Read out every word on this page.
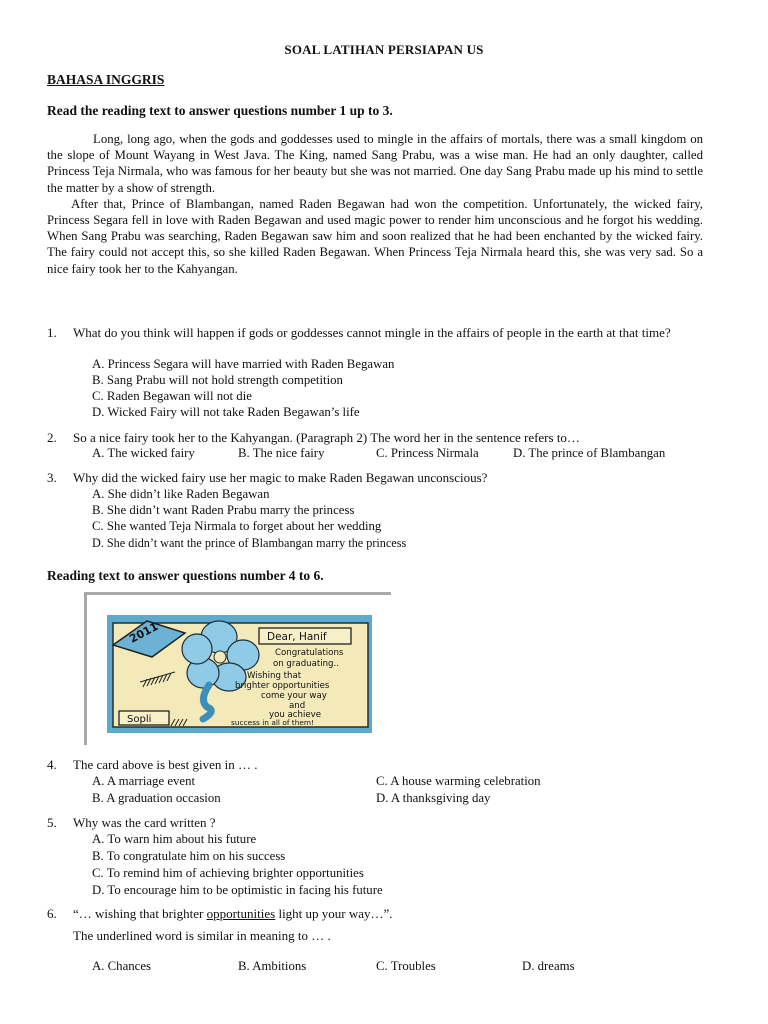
SOAL LATIHAN PERSIAPAN US
BAHASA INGGRIS
Read the reading text to answer questions number 1 up to 3.

Long, long ago, when the gods and goddesses used to mingle in the affairs of mortals, there was a small kingdom on the slope of Mount Wayang in West Java. The King, named Sang Prabu, was a wise man. He had an only daughter, called Princess Teja Nirmala, who was famous for her beauty but she was not married. One day Sang Prabu made up his mind to settle the matter by a show of strength.

After that, Prince of Blambangan, named Raden Begawan had won the competition. Unfortunately, the wicked fairy, Princess Segara fell in love with Raden Begawan and used magic power to render him unconscious and he forgot his wedding. When Sang Prabu was searching, Raden Begawan saw him and soon realized that he had been enchanted by the wicked fairy. The fairy could not accept this, so she killed Raden Begawan. When Princess Teja Nirmala heard this, she was very sad. So a nice fairy took her to the Kahyangan.

1. What do you think will happen if gods or goddesses cannot mingle in the affairs of people in the earth at that time?
A. Princess Segara will have married with Raden Begawan
B. Sang Prabu will not hold strength competition
C. Raden Begawan will not die
D. Wicked Fairy will not take Raden Begawan’s life
2. So a nice fairy took her to the Kahyangan. (Paragraph 2) The word her in the sentence refers to…
A. The wicked fairy	B. The nice fairy	C. Princess Nirmala	D. The prince of Blambangan
3. Why did the wicked fairy use her magic to make Raden Begawan unconscious?
A. She didn’t like Raden Begawan
B. She didn’t want Raden Prabu marry the princess
C. She wanted Teja Nirmala to forget about her wedding
D. She didn’t want the prince of Blambangan marry the princess
Reading text to answer questions number 4 to 6.
2011	Dear, Hanif
Congratulations
on graduating..
Wishing that
brighter opportunities
come your way
and
you achieve
success in all of them!
Sopli
4. The card above is best given in … .
A. A marriage event	C. A house warming celebration
B. A graduation occasion	D. A thanksgiving day
5. Why was the card written ?
A. To warn him about his future
B. To congratulate him on his success
C. To remind him of achieving brighter opportunities
D. To encourage him to be optimistic in facing his future
6. “… wishing that brighter opportunities light up your way…”.
The underlined word is similar in meaning to … .
A. Chances	B. Ambitions	C. Troubles	D. dreams
